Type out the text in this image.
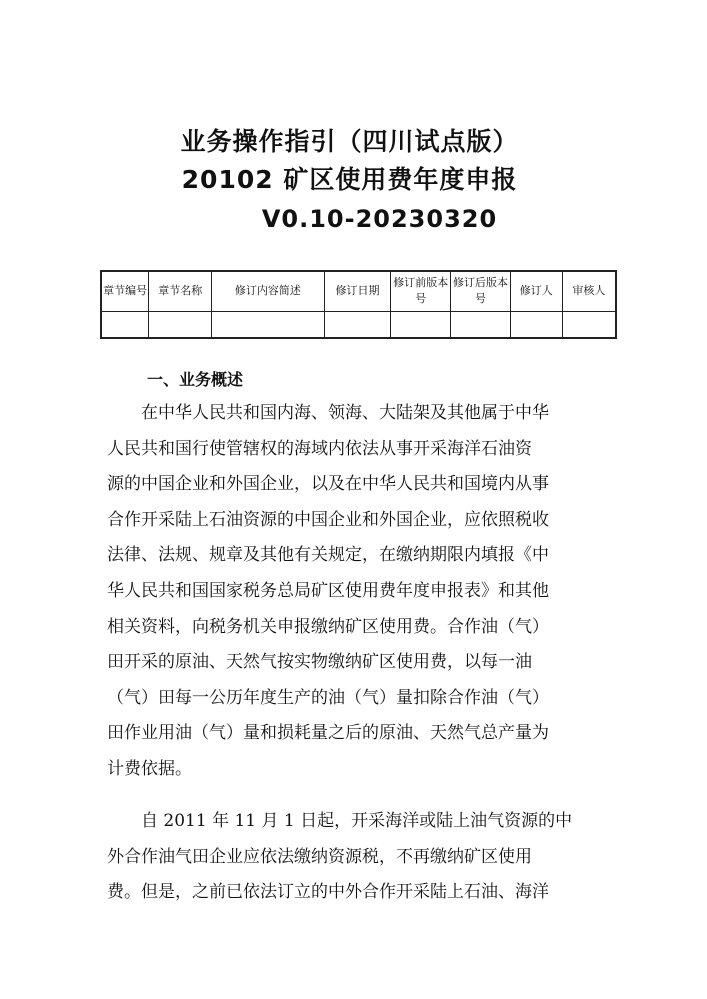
业务操作指引（四川试点版）
20102 矿区使用费年度申报
V0.10-20230320
章节编号	章节名称	修订内容简述	修订日期	修订前版本号	修订后版本号	修订人	审核人

一、业务概述

在中华人民共和国内海、领海、大陆架及其他属于中华
人民共和国行使管辖权的海域内依法从事开采海洋石油资
源的中国企业和外国企业，以及在中华人民共和国境内从事
合作开采陆上石油资源的中国企业和外国企业，应依照税收
法律、法规、规章及其他有关规定，在缴纳期限内填报《中
华人民共和国国家税务总局矿区使用费年度申报表》和其他
相关资料，向税务机关申报缴纳矿区使用费。合作油（气）
田开采的原油、天然气按实物缴纳矿区使用费，以每一油
（气）田每一公历年度生产的油（气）量扣除合作油（气）
田作业用油（气）量和损耗量之后的原油、天然气总产量为
计费依据。

自 2011 年 11 月 1 日起，开采海洋或陆上油气资源的中
外合作油气田企业应依法缴纳资源税，不再缴纳矿区使用
费。但是，之前已依法订立的中外合作开采陆上石油、海洋
